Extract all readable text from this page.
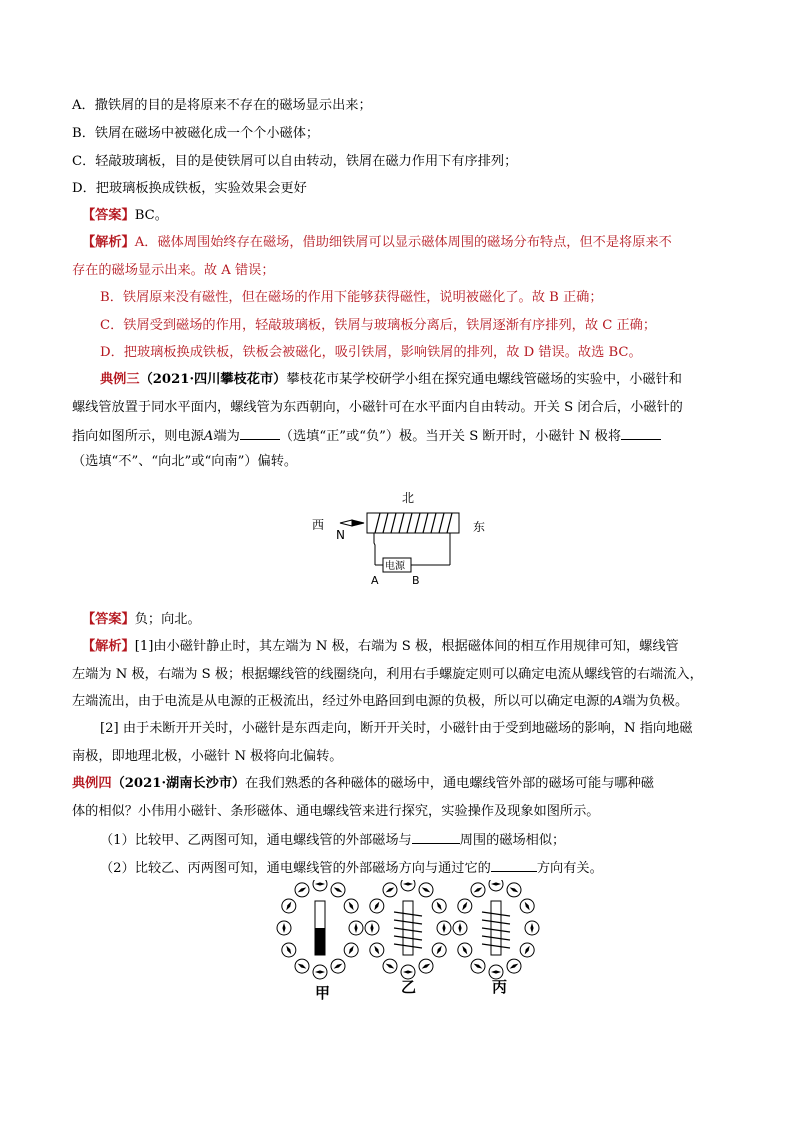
A．撒铁屑的目的是将原来不存在的磁场显示出来；
B．铁屑在磁场中被磁化成一个个小磁体；
C．轻敲玻璃板，目的是使铁屑可以自由转动，铁屑在磁力作用下有序排列；
D．把玻璃板换成铁板，实验效果会更好
【答案】BC。
【解析】A．磁体周围始终存在磁场，借助细铁屑可以显示磁体周围的磁场分布特点，但不是将原来不
存在的磁场显示出来。故 A 错误；
B．铁屑原来没有磁性，但在磁场的作用下能够获得磁性，说明被磁化了。故 B 正确；
C．铁屑受到磁场的作用，轻敲玻璃板，铁屑与玻璃板分离后，铁屑逐渐有序排列，故 C 正确；
D．把玻璃板换成铁板，铁板会被磁化，吸引铁屑，影响铁屑的排列，故 D 错误。故选 BC。
典例三（2021·四川攀枝花市）攀枝花市某学校研学小组在探究通电螺线管磁场的实验中，小磁针和
螺线管放置于同水平面内，螺线管为东西朝向，小磁针可在水平面内自由转动。开关 S 闭合后，小磁针的
指向如图所示，则电源A端为	（选填“正”或“负”）极。当开关 S 断开时，小磁针 N 极将
（选填“不”、“向北”或“向南”）偏转。
北
西	东
N
电源
A	B
【答案】负；向北。
【解析】[1]由小磁针静止时，其左端为 N 极，右端为 S 极，根据磁体间的相互作用规律可知，螺线管
左端为 N 极，右端为 S 极；根据螺线管的线圈绕向，利用右手螺旋定则可以确定电流从螺线管的右端流入，
左端流出，由于电流是从电源的正极流出，经过外电路回到电源的负极，所以可以确定电源的A端为负极。
[2] 由于未断开开关时，小磁针是东西走向，断开开关时，小磁针由于受到地磁场的影响，N 指向地磁
南极，即地理北极，小磁针 N 极将向北偏转。
典例四（2021·湖南长沙市）在我们熟悉的各种磁体的磁场中，通电螺线管外部的磁场可能与哪种磁
体的相似？小伟用小磁针、条形磁体、通电螺线管来进行探究，实验操作及现象如图所示。
（1）比较甲、乙两图可知，通电螺线管的外部磁场与	周围的磁场相似；
（2）比较乙、丙两图可知，通电螺线管的外部磁场方向与通过它的	方向有关。
甲	乙	丙
